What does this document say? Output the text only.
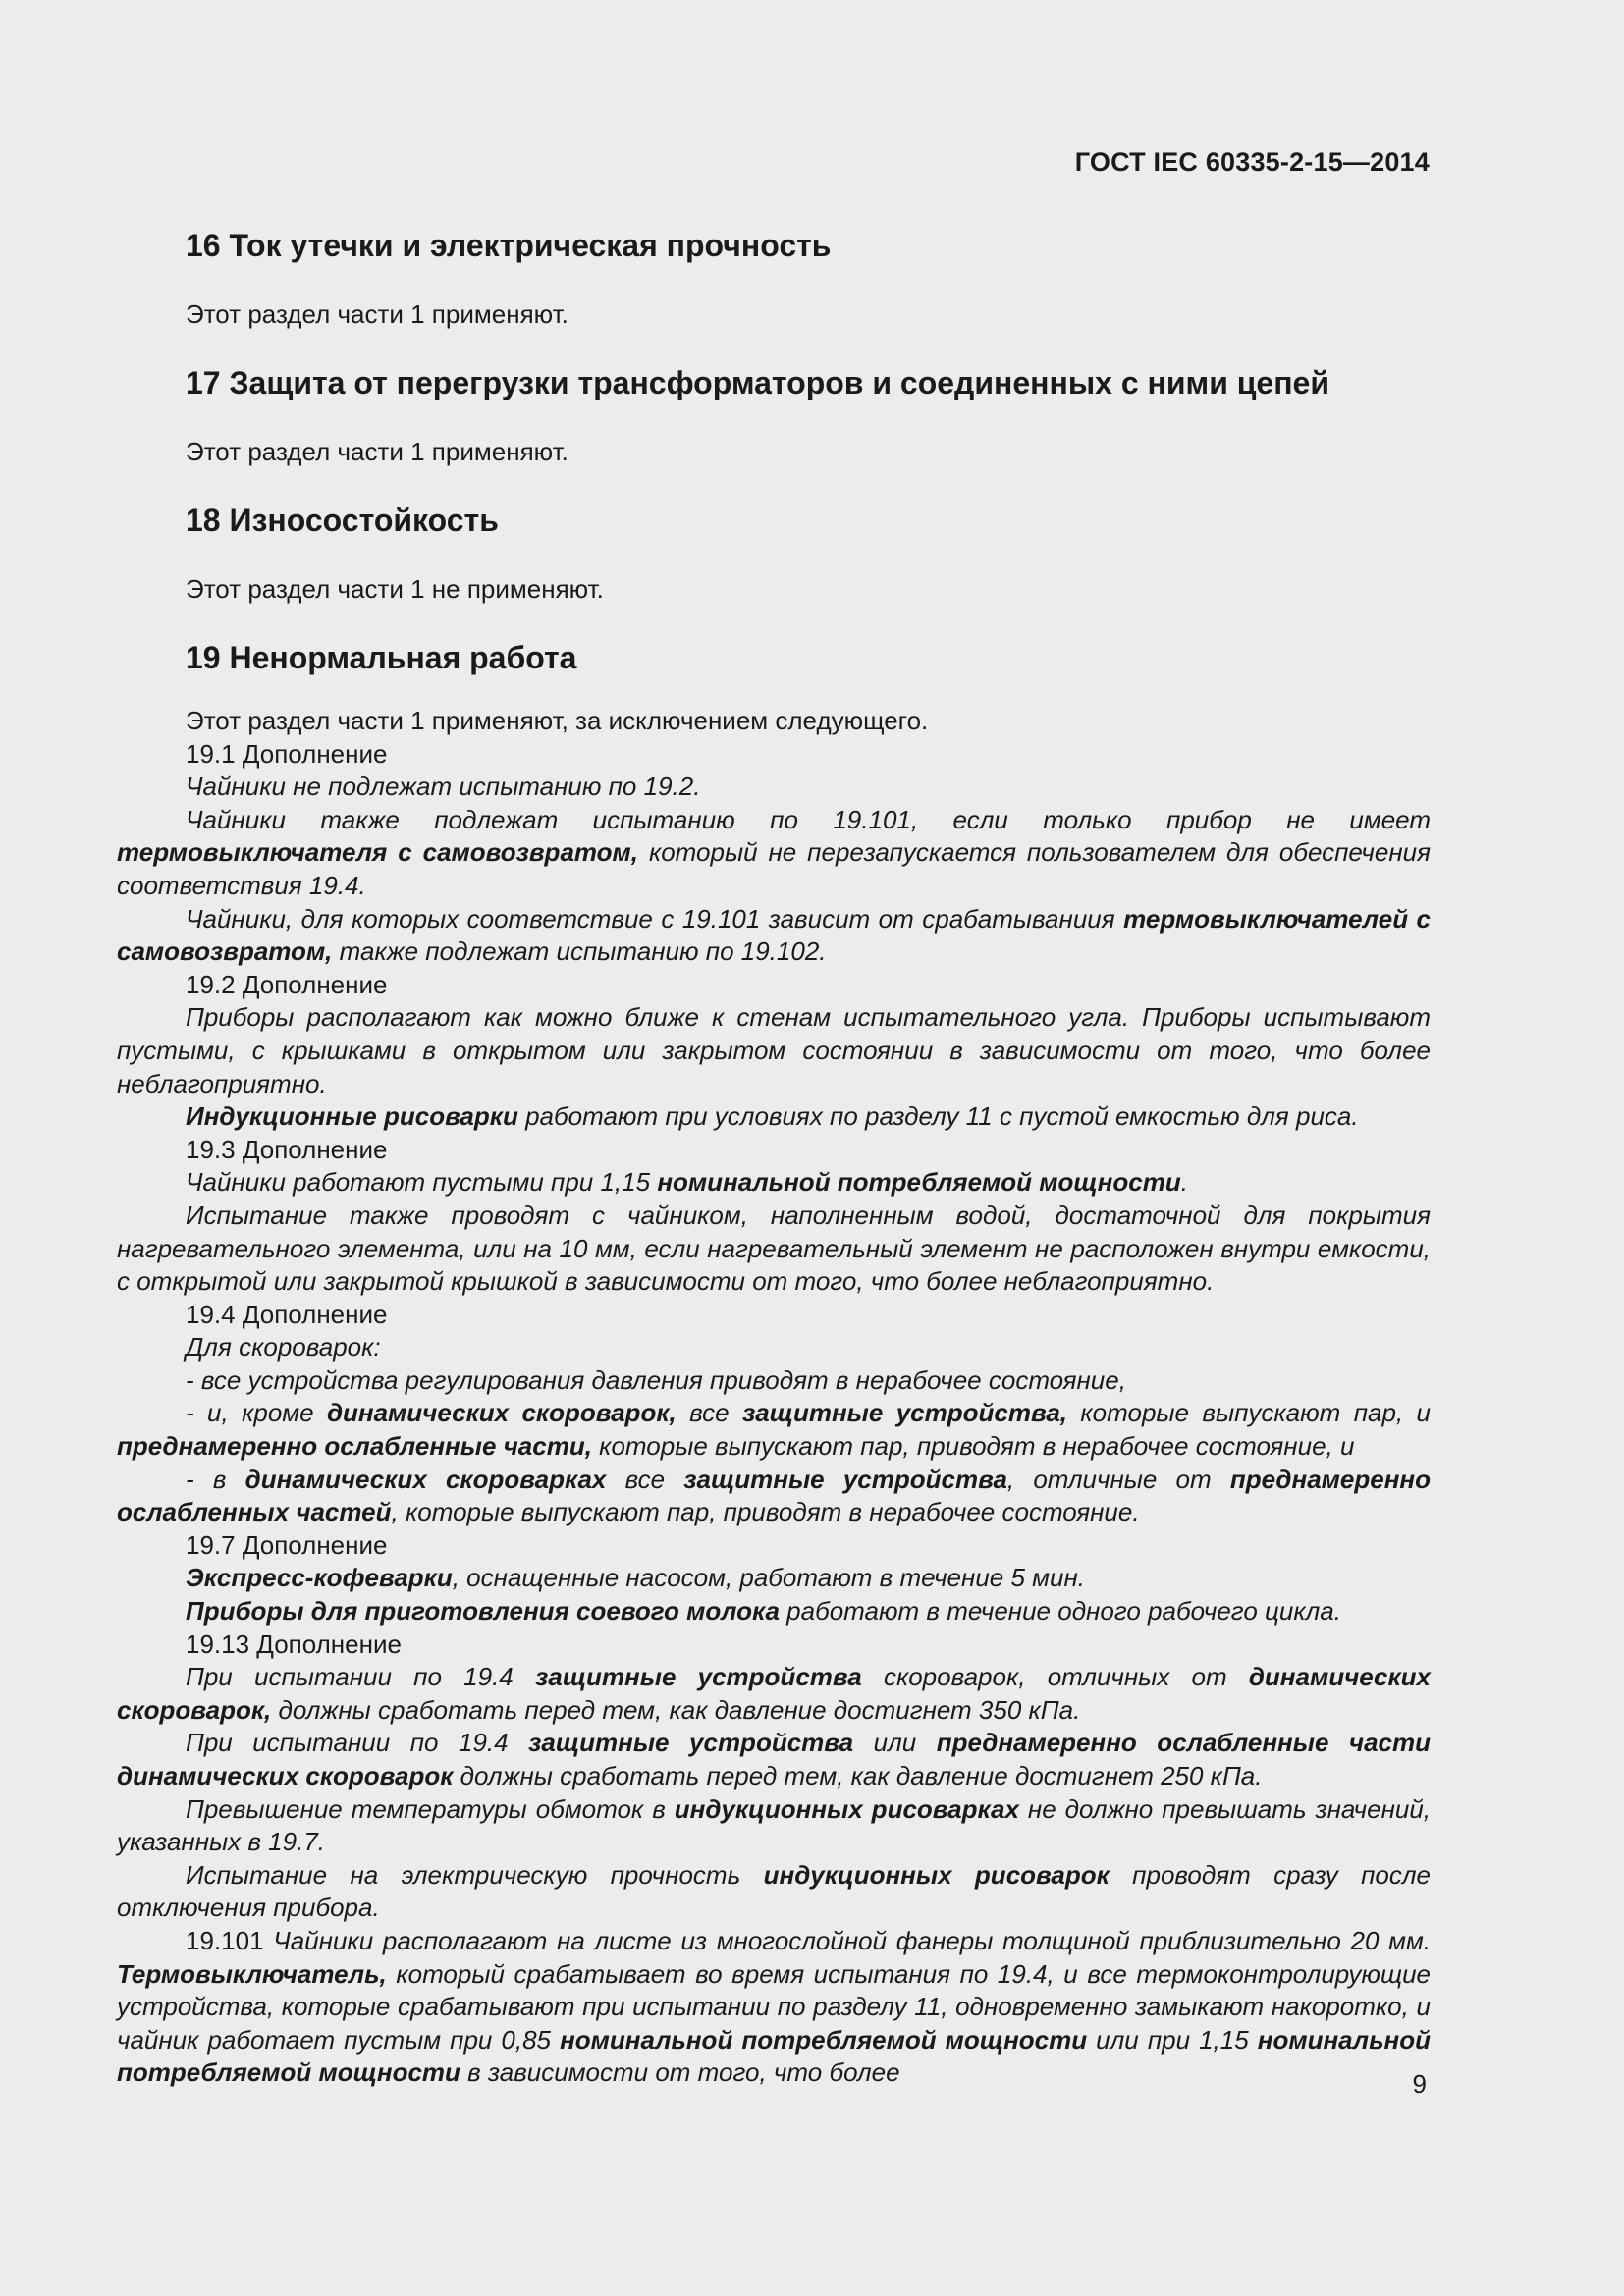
ГОСТ IEC 60335-2-15—2014
16 Ток утечки и электрическая прочность

Этот раздел части 1 применяют.

17 Защита от перегрузки трансформаторов и соединенных с ними цепей

Этот раздел части 1 применяют.

18 Износостойкость

Этот раздел части 1 не применяют.

19 Ненормальная работа

Этот раздел части 1 применяют, за исключением следующего.

19.1 Дополнение

Чайники не подлежат испытанию по 19.2.

Чайники также подлежат испытанию по 19.101, если только прибор не имеет термовыключателя с самовозвратом, который не перезапускается пользователем для обеспечения соответствия 19.4.

Чайники, для которых соответствие с 19.101 зависит от срабатываниия термовыключателей с самовозвратом, также подлежат испытанию по 19.102.

19.2 Дополнение

Приборы располагают как можно ближе к стенам испытательного угла. Приборы испытывают пустыми, с крышками в открытом или закрытом состоянии в зависимости от того, что более неблагоприятно.

Индукционные рисоварки работают при условиях по разделу 11 с пустой емкостью для риса.

19.3 Дополнение

Чайники работают пустыми при 1,15 номинальной потребляемой мощности.

Испытание также проводят с чайником, наполненным водой, достаточной для покрытия нагревательного элемента, или на 10 мм, если нагревательный элемент не расположен внутри емкости, с открытой или закрытой крышкой в зависимости от того, что более неблагоприятно.

19.4 Дополнение

Для скороварок:

- все устройства регулирования давления приводят в нерабочее состояние,

- и, кроме динамических скороварок, все защитные устройства, которые выпускают пар, и преднамеренно ослабленные части, которые выпускают пар, приводят в нерабочее состояние, и

- в динамических скороварках все защитные устройства, отличные от преднамеренно ослабленных частей, которые выпускают пар, приводят в нерабочее состояние.

19.7 Дополнение

Экспресс-кофеварки, оснащенные насосом, работают в течение 5 мин.

Приборы для приготовления соевого молока работают в течение одного рабочего цикла.

19.13 Дополнение

При испытании по 19.4 защитные устройства скороварок, отличных от динамических скороварок, должны сработать перед тем, как давление достигнет 350 кПа.

При испытании по 19.4 защитные устройства или преднамеренно ослабленные части динамических скороварок должны сработать перед тем, как давление достигнет 250 кПа.

Превышение температуры обмоток в индукционных рисоварках не должно превышать значений, указанных в 19.7.

Испытание на электрическую прочность индукционных рисоварок проводят сразу после отключения прибора.

19.101 Чайники располагают на листе из многослойной фанеры толщиной приблизительно 20 мм. Термовыключатель, который срабатывает во время испытания по 19.4, и все термоконтролирующие устройства, которые срабатывают при испытании по разделу 11, одновременно замыкают накоротко, и чайник работает пустым при 0,85 номинальной потребляемой мощности или при 1,15 номинальной потребляемой мощности в зависимости от того, что более	9
